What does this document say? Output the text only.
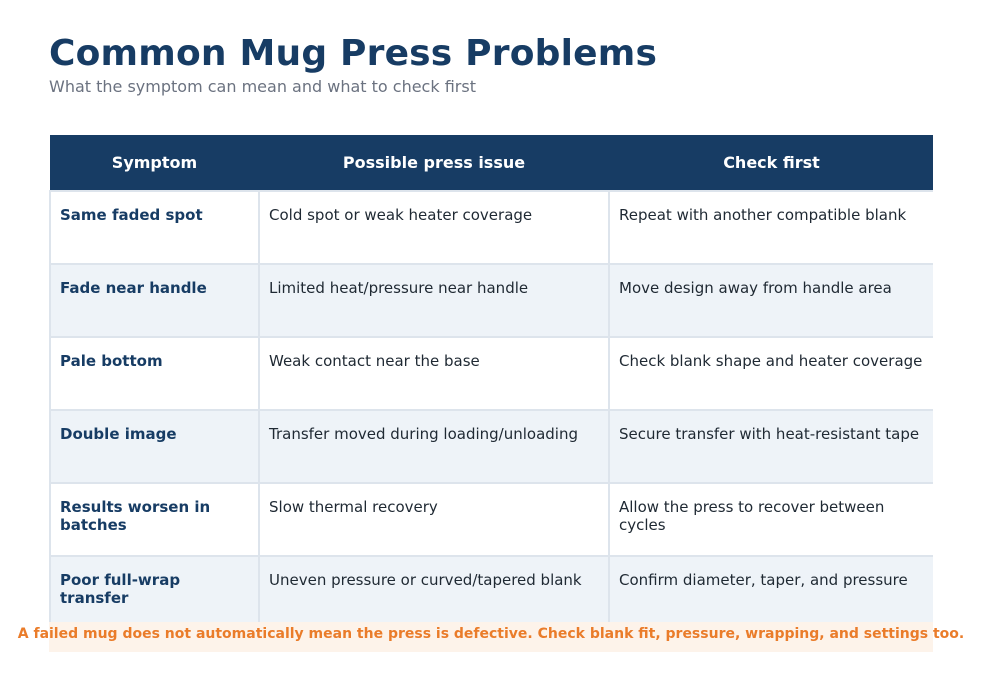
Common Mug Press Problems

What the symptom can mean and what to check first

Symptom	Possible press issue	Check first
Same faded spot	Cold spot or weak heater coverage	Repeat with another compatible blank
Fade near handle	Limited heat/pressure near handle	Move design away from handle area
Pale bottom	Weak contact near the base	Check blank shape and heater coverage
Double image	Transfer moved during loading/unloading	Secure transfer with heat-resistant tape
Results worsen in batches	Slow thermal recovery	Allow the press to recover between cycles
Poor full-wrap transfer	Uneven pressure or curved/tapered blank	Confirm diameter, taper, and pressure
A failed mug does not automatically mean the press is defective. Check blank fit, pressure, wrapping, and settings too.
